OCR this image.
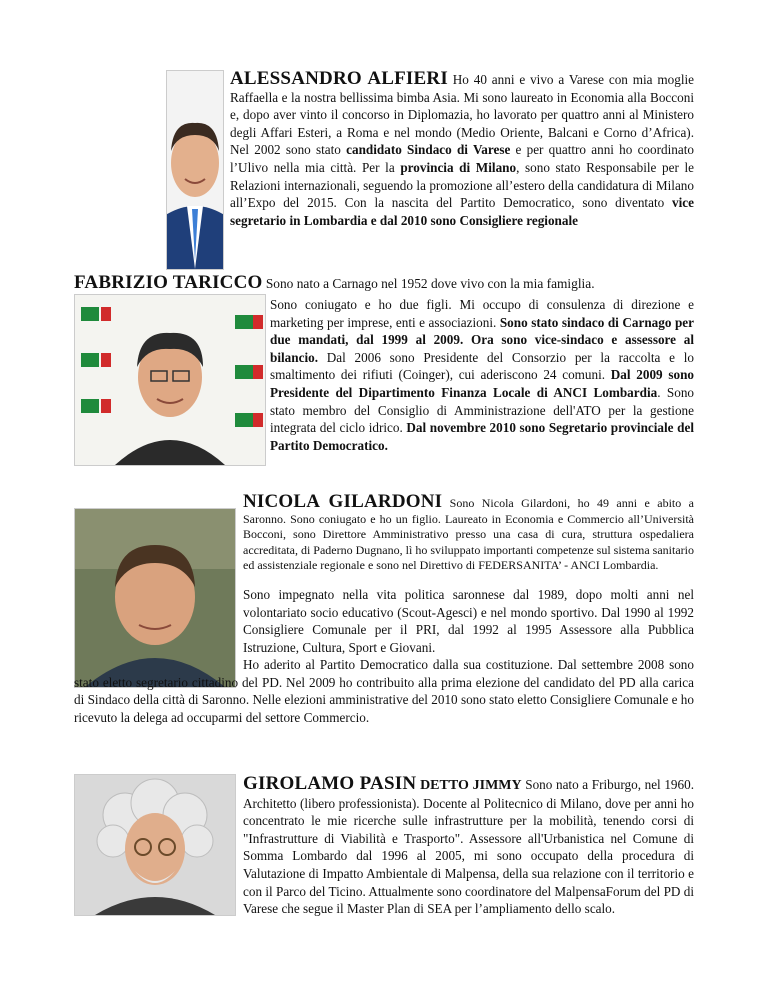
ALESSANDRO ALFIERI Ho 40 anni e vivo a Varese con mia moglie Raffaella e la nostra bellissima bimba Asia. Mi sono laureato in Economia alla Bocconi e, dopo aver vinto il concorso in Diplomazia, ho lavorato per quattro anni al Ministero degli Affari Esteri, a Roma e nel mondo (Medio Oriente, Balcani e Corno d’Africa). Nel 2002 sono stato candidato Sindaco di Varese e per quattro anni ho coordinato l’Ulivo nella mia città. Per la provincia di Milano, sono stato Responsabile per le Relazioni internazionali, seguendo la promozione all’estero della candidatura di Milano all’Expo del 2015. Con la nascita del Partito Democratico, sono diventato vice segretario in Lombardia e dal 2010 sono Consigliere regionale
FABRIZIO TARICCO Sono nato a Carnago nel 1952 dove vivo con la mia famiglia.
Sono coniugato e ho due figli. Mi occupo di consulenza di direzione e marketing per imprese, enti e associazioni. Sono stato sindaco di Carnago per due mandati, dal 1999 al 2009. Ora sono vice-sindaco e assessore al bilancio. Dal 2006 sono Presidente del Consorzio per la raccolta e lo smaltimento dei rifiuti (Coinger), cui aderiscono 24 comuni. Dal 2009 sono Presidente del Dipartimento Finanza Locale di ANCI Lombardia. Sono stato membro del Consiglio di Amministrazione dell'ATO per la gestione integrata del ciclo idrico. Dal novembre 2010 sono Segretario provinciale del Partito Democratico.
NICOLA GILARDONI Sono Nicola Gilardoni, ho 49 anni e abito a Saronno. Sono coniugato e ho un figlio. Laureato in Economia e Commercio all’Università Bocconi, sono Direttore Amministrativo presso una casa di cura, struttura ospedaliera accreditata, di Paderno Dugnano, lì ho sviluppato importanti competenze sul sistema sanitario ed assistenziale regionale e sono nel Direttivo di FEDERSANITA’ - ANCI Lombardia.

Sono impegnato nella vita politica saronnese dal 1989, dopo molti anni nel volontariato socio educativo (Scout-Agesci) e nel mondo sportivo. Dal 1990 al 1992 Consigliere Comunale per il PRI, dal 1992 al 1995 Assessore alla Pubblica Istruzione, Cultura, Sport e Giovani.

Ho aderito al Partito Democratico dalla sua costituzione. Dal settembre 2008 sono stato eletto segretario cittadino del PD. Nel 2009 ho contribuito alla prima elezione del candidato del PD alla carica di Sindaco della città di Saronno. Nelle elezioni amministrative del 2010 sono stato eletto Consigliere Comunale e ho ricevuto la delega ad occuparmi del settore Commercio.

GIROLAMO PASIN DETTO JIMMY Sono nato a Friburgo, nel 1960. Architetto (libero professionista). Docente al Politecnico di Milano, dove per anni ho concentrato le mie ricerche sulle infrastrutture per la mobilità, tenendo corsi di "Infrastrutture di Viabilità e Trasporto". Assessore all'Urbanistica nel Comune di Somma Lombardo dal 1996 al 2005, mi sono occupato della procedura di Valutazione di Impatto Ambientale di Malpensa, della sua relazione con il territorio e con il Parco del Ticino. Attualmente sono coordinatore del MalpensaForum del PD di Varese che segue il Master Plan di SEA per l’ampliamento dello scalo.
